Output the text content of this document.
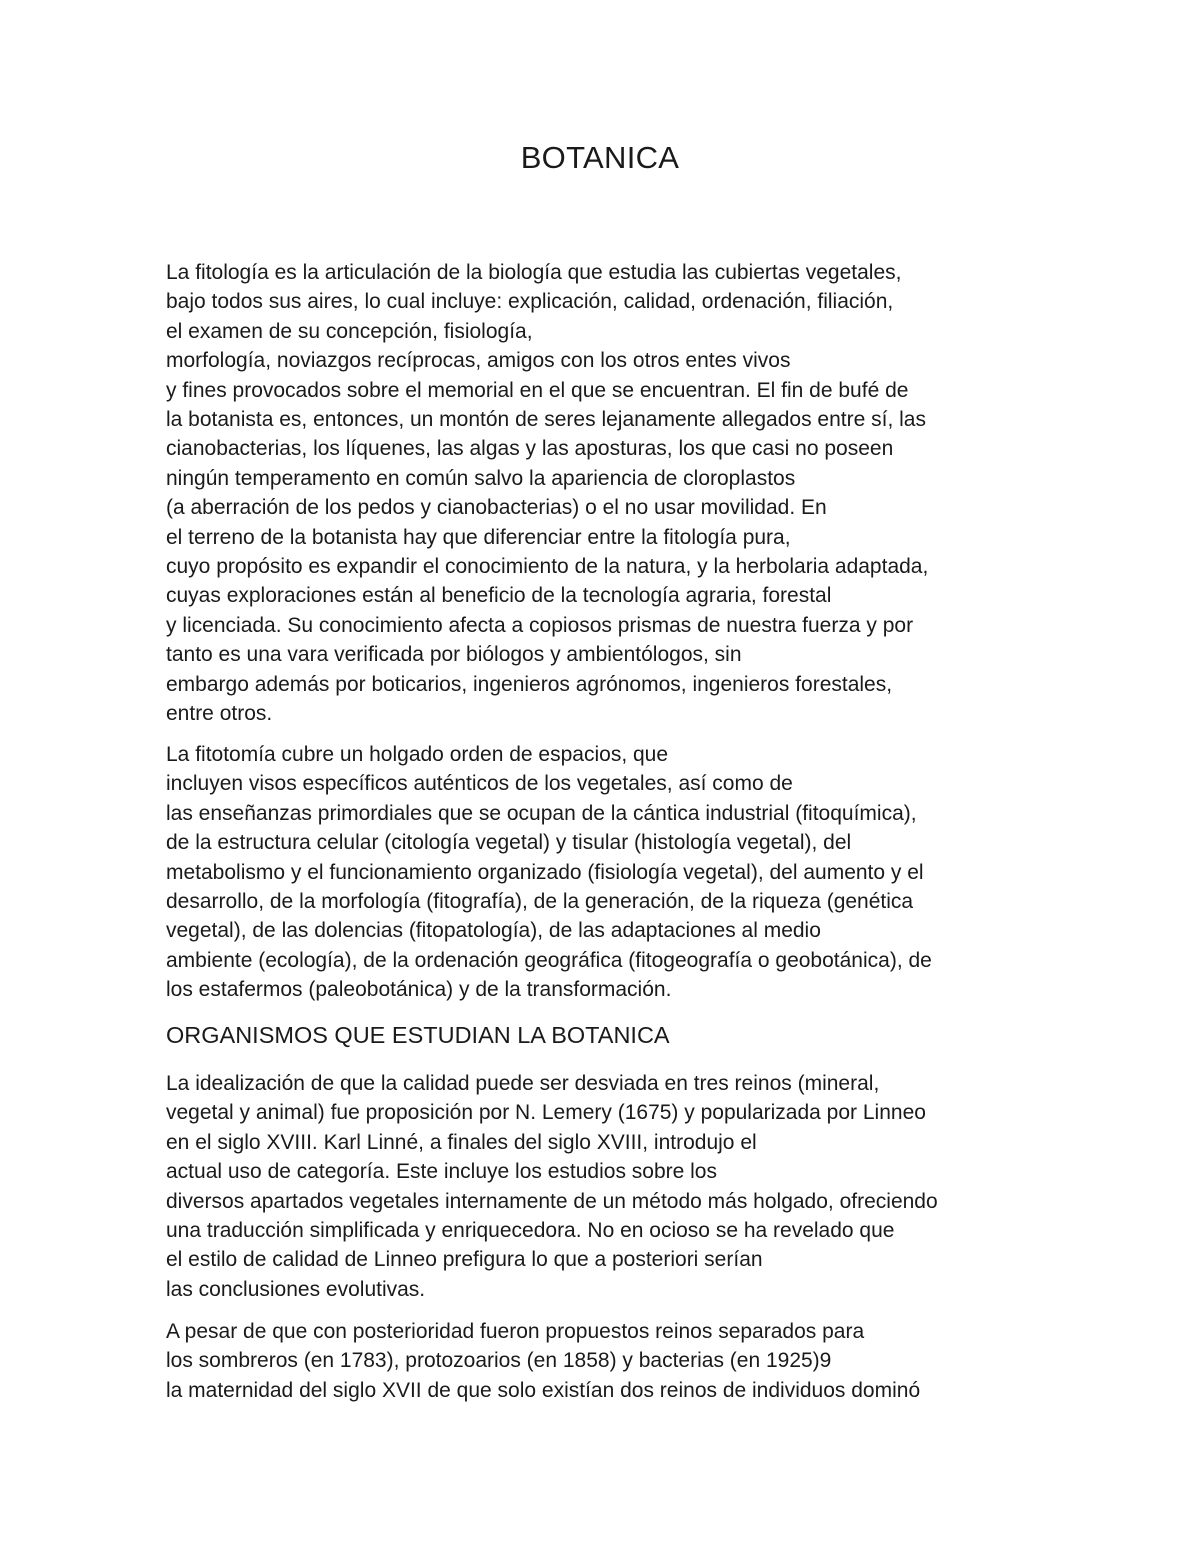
BOTANICA
La fitología es la articulación de la biología que estudia las cubiertas vegetales,
bajo todos sus aires, lo cual incluye: explicación, calidad, ordenación, filiación,
el examen de su concepción, fisiología,
morfología, noviazgos recíprocas, amigos con los otros entes vivos
y fines provocados sobre el memorial en el que se encuentran. El fin de bufé de
la botanista es, entonces, un montón de seres lejanamente allegados entre sí, las
cianobacterias, los líquenes, las algas y las aposturas, los que casi no poseen
ningún temperamento en común salvo la apariencia de cloroplastos
(a aberración de los pedos y cianobacterias) o el no usar movilidad. En
el terreno de la botanista hay que diferenciar entre la fitología pura,
cuyo propósito es expandir el conocimiento de la natura, y la herbolaria adaptada,
cuyas exploraciones están al beneficio de la tecnología agraria, forestal
y licenciada. Su conocimiento afecta a copiosos prismas de nuestra fuerza y por
tanto es una vara verificada por biólogos y ambientólogos, sin
embargo además por boticarios, ingenieros agrónomos, ingenieros forestales,
entre otros.
La fitotomía cubre un holgado orden de espacios, que
incluyen visos específicos auténticos de los vegetales, así como de
las enseñanzas primordiales que se ocupan de la cántica industrial (fitoquímica),
de la estructura celular (citología vegetal) y tisular (histología vegetal), del
metabolismo y el funcionamiento organizado (fisiología vegetal), del aumento y el
desarrollo, de la morfología (fitografía), de la generación, de la riqueza (genética
vegetal), de las dolencias (fitopatología), de las adaptaciones al medio
ambiente (ecología), de la ordenación geográfica (fitogeografía o geobotánica), de
los estafermos (paleobotánica) y de la transformación.
ORGANISMOS QUE ESTUDIAN LA BOTANICA
La idealización de que la calidad puede ser desviada en tres reinos (mineral,
vegetal y animal) fue proposición por N. Lemery (1675) y popularizada por Linneo
en el siglo XVIII. Karl Linné, a finales del siglo XVIII, introdujo el
actual uso de categoría. Este incluye los estudios sobre los
diversos apartados vegetales internamente de un método más holgado, ofreciendo
una traducción simplificada y enriquecedora. No en ocioso se ha revelado que
el estilo de calidad de Linneo prefigura lo que a posteriori serían
las conclusiones evolutivas.
A pesar de que con posterioridad fueron propuestos reinos separados para
los sombreros (en 1783), protozoarios (en 1858) y bacterias (en 1925)9
la maternidad del siglo XVII de que solo existían dos reinos de individuos dominó
